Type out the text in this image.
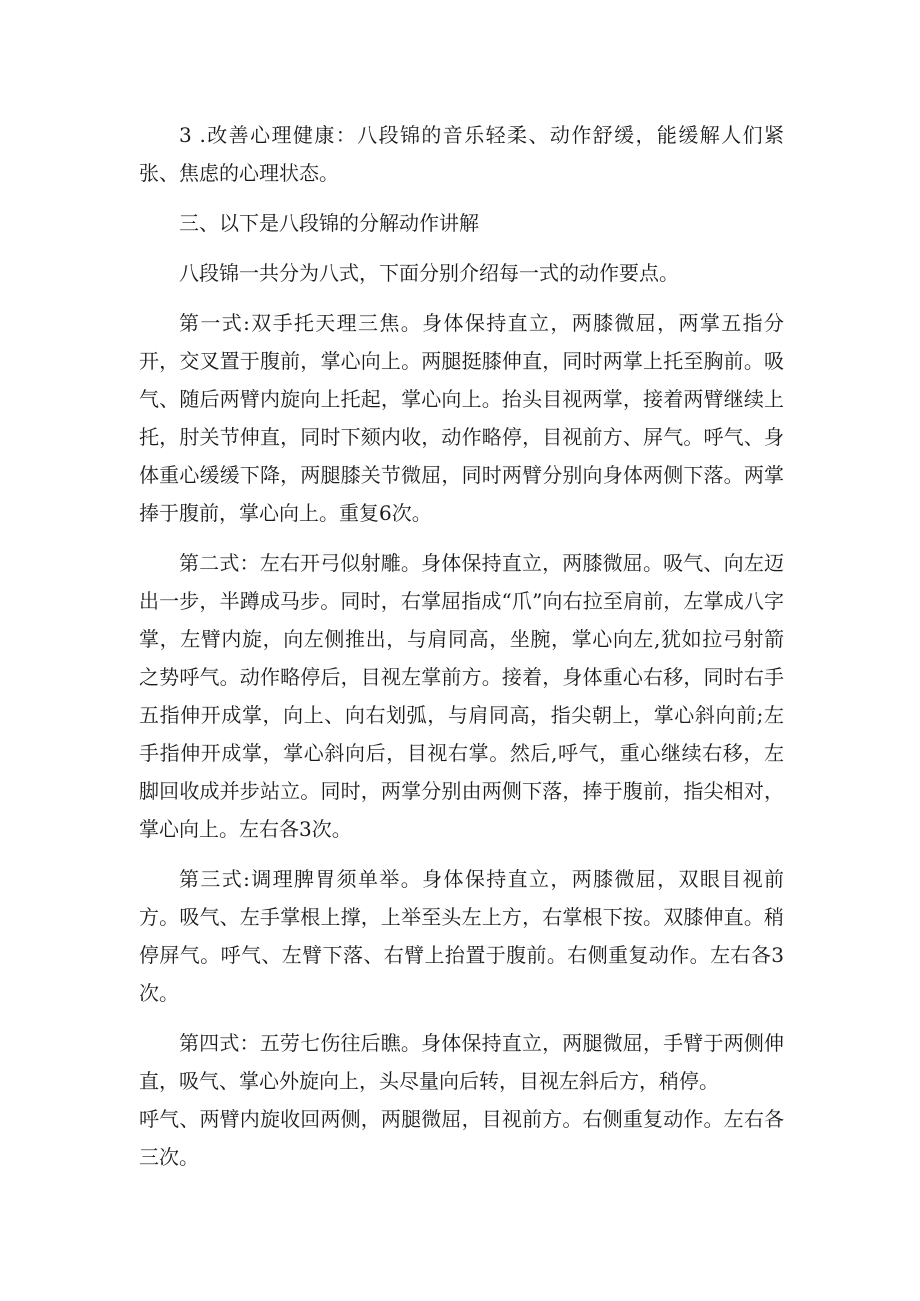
3 .改善心理健康：八段锦的音乐轻柔、动作舒缓，能缓解人们紧张、焦虑的心理状态。

三、以下是八段锦的分解动作讲解

八段锦一共分为八式，下面分别介绍每一式的动作要点。

第一式:双手托天理三焦。身体保持直立，两膝微屈，两掌五指分开，交叉置于腹前，掌心向上。两腿挺膝伸直，同时两掌上托至胸前。吸气、随后两臂内旋向上托起，掌心向上。抬头目视两掌，接着两臂继续上托，肘关节伸直，同时下颏内收，动作略停，目视前方、屏气。呼气、身体重心缓缓下降，两腿膝关节微屈，同时两臂分别向身体两侧下落。两掌捧于腹前，掌心向上。重复6次。

第二式：左右开弓似射雕。身体保持直立，两膝微屈。吸气、向左迈出一步，半蹲成马步。同时，右掌屈指成“爪”向右拉至肩前，左掌成八字掌，左臂内旋，向左侧推出，与肩同高，坐腕，掌心向左,犹如拉弓射箭之势呼气。动作略停后，目视左掌前方。接着，身体重心右移，同时右手五指伸开成掌，向上、向右划弧，与肩同高，指尖朝上，掌心斜向前;左手指伸开成掌，掌心斜向后，目视右掌。然后,呼气，重心继续右移，左脚回收成并步站立。同时，两掌分别由两侧下落，捧于腹前，指尖相对，掌心向上。左右各3次。

第三式:调理脾胃须单举。身体保持直立，两膝微屈，双眼目视前方。吸气、左手掌根上撑，上举至头左上方，右掌根下按。双膝伸直。稍停屏气。呼气、左臂下落、右臂上抬置于腹前。右侧重复动作。左右各3次。

第四式：五劳七伤往后瞧。身体保持直立，两腿微屈，手臂于两侧伸直，吸气、掌心外旋向上，头尽量向后转，目视左斜后方，稍停。

呼气、两臂内旋收回两侧，两腿微屈，目视前方。右侧重复动作。左右各三次。
